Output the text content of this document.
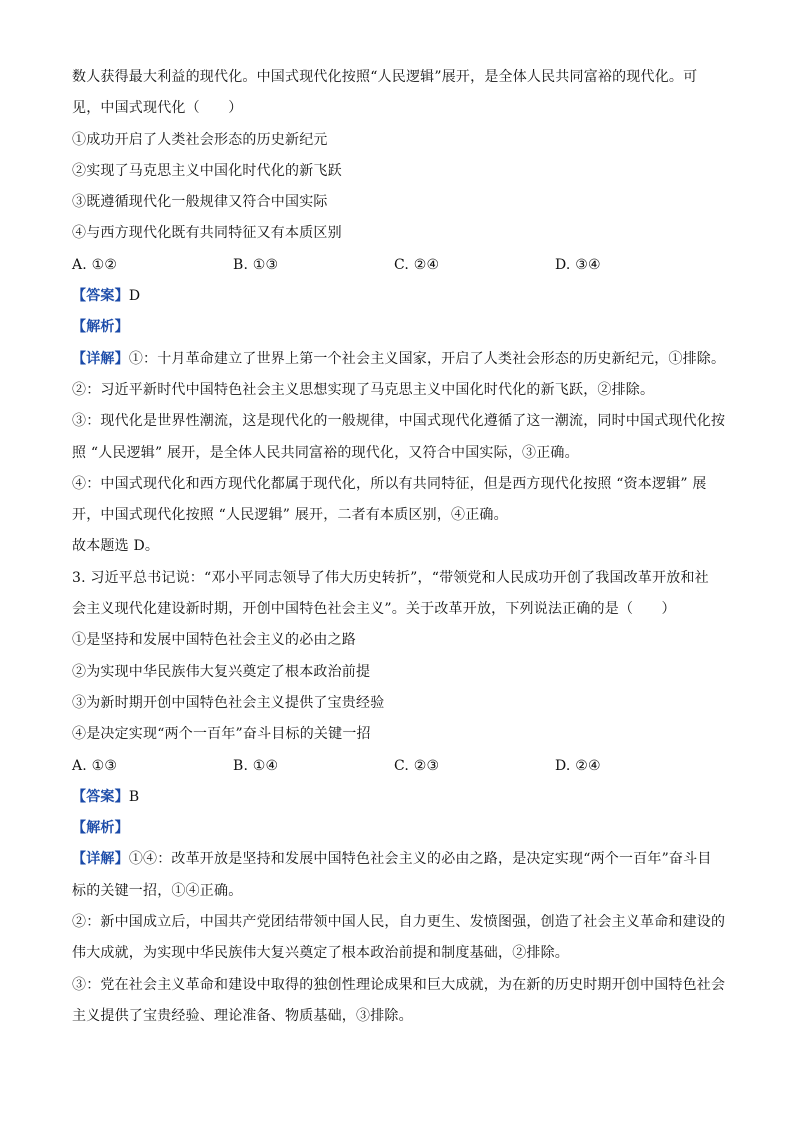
数人获得最大利益的现代化。中国式现代化按照“人民逻辑”展开，是全体人民共同富裕的现代化。可
见，中国式现代化（　　）
①成功开启了人类社会形态的历史新纪元
②实现了马克思主义中国化时代化的新飞跃
③既遵循现代化一般规律又符合中国实际
④与西方现代化既有共同特征又有本质区别
A. ①②	B. ①③	C. ②④	D. ③④
【答案】D
【解析】
【详解】①：十月革命建立了世界上第一个社会主义国家，开启了人类社会形态的历史新纪元，①排除。
②：习近平新时代中国特色社会主义思想实现了马克思主义中国化时代化的新飞跃，②排除。
③：现代化是世界性潮流，这是现代化的一般规律，中国式现代化遵循了这一潮流，同时中国式现代化按
照 “人民逻辑” 展开，是全体人民共同富裕的现代化，又符合中国实际，③正确。
④：中国式现代化和西方现代化都属于现代化，所以有共同特征，但是西方现代化按照 “资本逻辑” 展
开，中国式现代化按照 “人民逻辑” 展开，二者有本质区别，④正确。
故本题选 D。
3. 习近平总书记说：“邓小平同志领导了伟大历史转折”，“带领党和人民成功开创了我国改革开放和社
会主义现代化建设新时期，开创中国特色社会主义”。关于改革开放，下列说法正确的是（　　）
①是坚持和发展中国特色社会主义的必由之路
②为实现中华民族伟大复兴奠定了根本政治前提
③为新时期开创中国特色社会主义提供了宝贵经验
④是决定实现“两个一百年”奋斗目标的关键一招
A. ①③	B. ①④	C. ②③	D. ②④
【答案】B
【解析】
【详解】①④：改革开放是坚持和发展中国特色社会主义的必由之路，是决定实现“两个一百年”奋斗目
标的关键一招，①④正确。
②：新中国成立后，中国共产党团结带领中国人民，自力更生、发愤图强，创造了社会主义革命和建设的
伟大成就，为实现中华民族伟大复兴奠定了根本政治前提和制度基础，②排除。
③：党在社会主义革命和建设中取得的独创性理论成果和巨大成就，为在新的历史时期开创中国特色社会
主义提供了宝贵经验、理论准备、物质基础，③排除。
